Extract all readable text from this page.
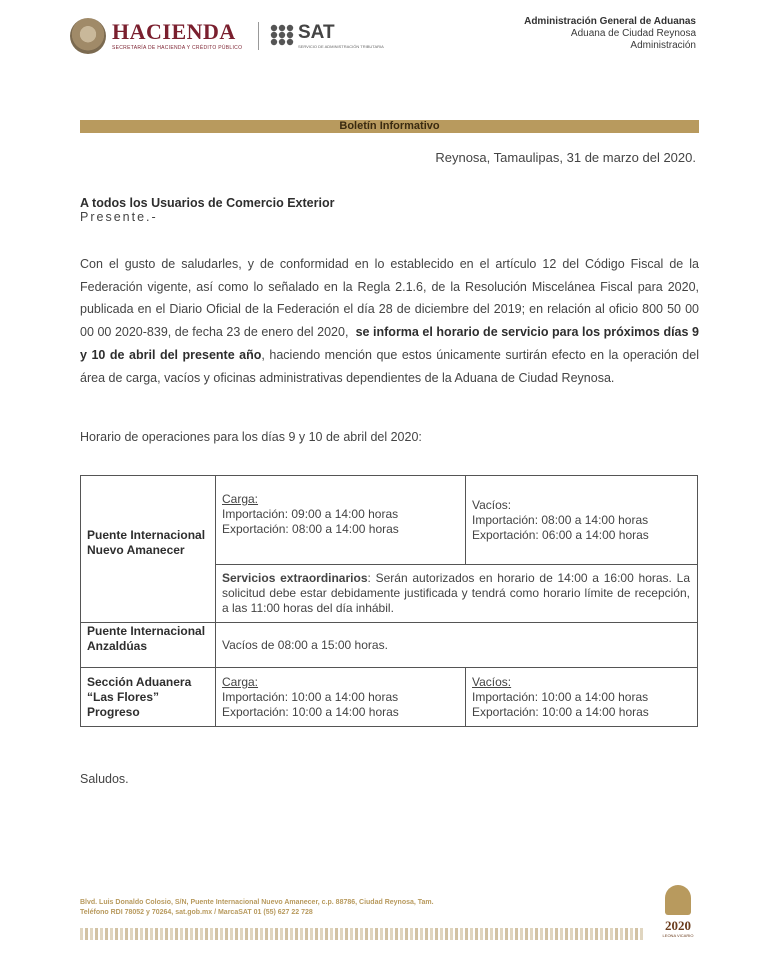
HACIENDA
SECRETARÍA DE HACIENDA Y CRÉDITO PÚBLICO
SAT
SERVICIO DE ADMINISTRACIÓN TRIBUTARIA
Administración General de Aduanas
Aduana de Ciudad Reynosa
Administración
Boletín Informativo
Reynosa, Tamaulipas, 31 de marzo del 2020.
A todos los Usuarios de Comercio Exterior
Presente.-
Con el gusto de saludarles, y de conformidad en lo establecido en el artículo 12 del Código Fiscal de la Federación vigente, así como lo señalado en la Regla 2.1.6, de la Resolución Miscelánea Fiscal para 2020, publicada en el Diario Oficial de la Federación el día 28 de diciembre del 2019; en relación al oficio 800 50 00 00 00 2020-839, de fecha 23 de enero del 2020, se informa el horario de servicio para los próximos días 9 y 10 de abril del presente año, haciendo mención que estos únicamente surtirán efecto en la operación del área de carga, vacíos y oficinas administrativas dependientes de la Aduana de Ciudad Reynosa.
Horario de operaciones para los días 9 y 10 de abril del 2020:
Puente Internacional Nuevo Amanecer
Carga:
Importación: 09:00 a 14:00 horas
Exportación: 08:00 a 14:00 horas
Vacíos:
Importación: 08:00 a 14:00 horas
Exportación: 06:00 a 14:00 horas
Servicios extraordinarios: Serán autorizados en horario de 14:00 a 16:00 horas. La solicitud debe estar debidamente justificada y tendrá como horario límite de recepción, a las 11:00 horas del día inhábil.
Puente Internacional Anzaldúas	Vacíos de 08:00 a 15:00 horas.
Sección Aduanera “Las Flores” Progreso
Carga:
Importación: 10:00 a 14:00 horas
Exportación: 10:00 a 14:00 horas
Vacíos:
Importación: 10:00 a 14:00 horas
Exportación: 10:00 a 14:00 horas
Saludos.
Blvd. Luis Donaldo Colosio, S/N, Puente Internacional Nuevo Amanecer, c.p. 88786, Ciudad Reynosa, Tam.
Teléfono RDI 78052 y 70264, sat.gob.mx / MarcaSAT 01 (55) 627 22 728
2020
LEONA VICARIO
